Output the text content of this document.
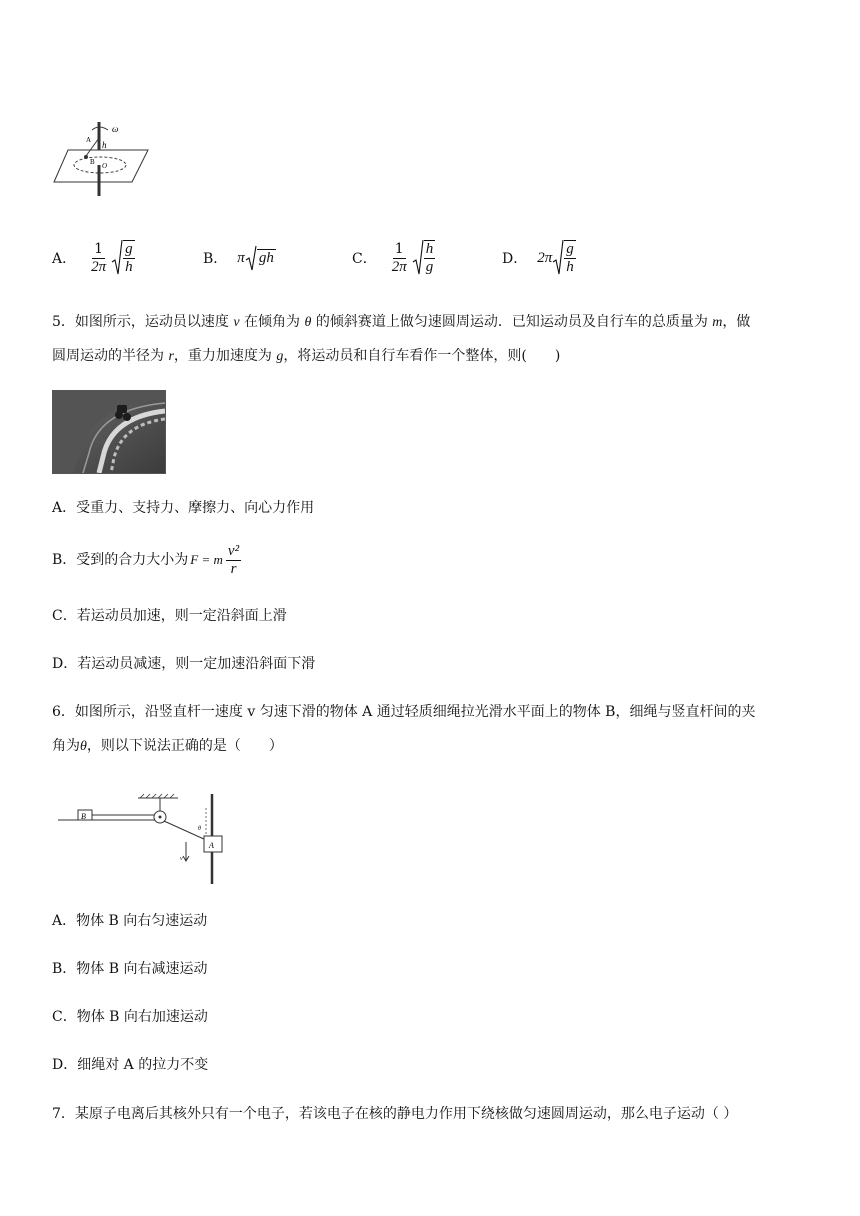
ω
h
A
B O
A． $\frac{1}{2\pi} \frac{g}{h}$	B． π gh	C． $\frac{1}{2\pi} \frac{h}{g}$	D． $2\pi \frac{g}{h}$
5．如图所示，运动员以速度 v 在倾角为 θ 的倾斜赛道上做匀速圆周运动．已知运动员及自行车的总质量为 m，做
圆周运动的半径为 r，重力加速度为 g，将运动员和自行车看作一个整体，则(　　)
A．受重力、支持力、摩擦力、向心力作用
B．受到的合力大小为 F = m $\frac{\text{v²}}{r}$
C．若运动员加速，则一定沿斜面上滑
D．若运动员减速，则一定加速沿斜面下滑
6．如图所示，沿竖直杆一速度 v 匀速下滑的物体 A 通过轻质细绳拉光滑水平面上的物体 B，细绳与竖直杆间的夹
角为θ，则以下说法正确的是（　　）
B
A
θ
v
A．物体 B 向右匀速运动
B．物体 B 向右减速运动
C．物体 B 向右加速运动
D．细绳对 A 的拉力不变
7．某原子电离后其核外只有一个电子，若该电子在核的静电力作用下绕核做匀速圆周运动，那么电子运动（ ）
